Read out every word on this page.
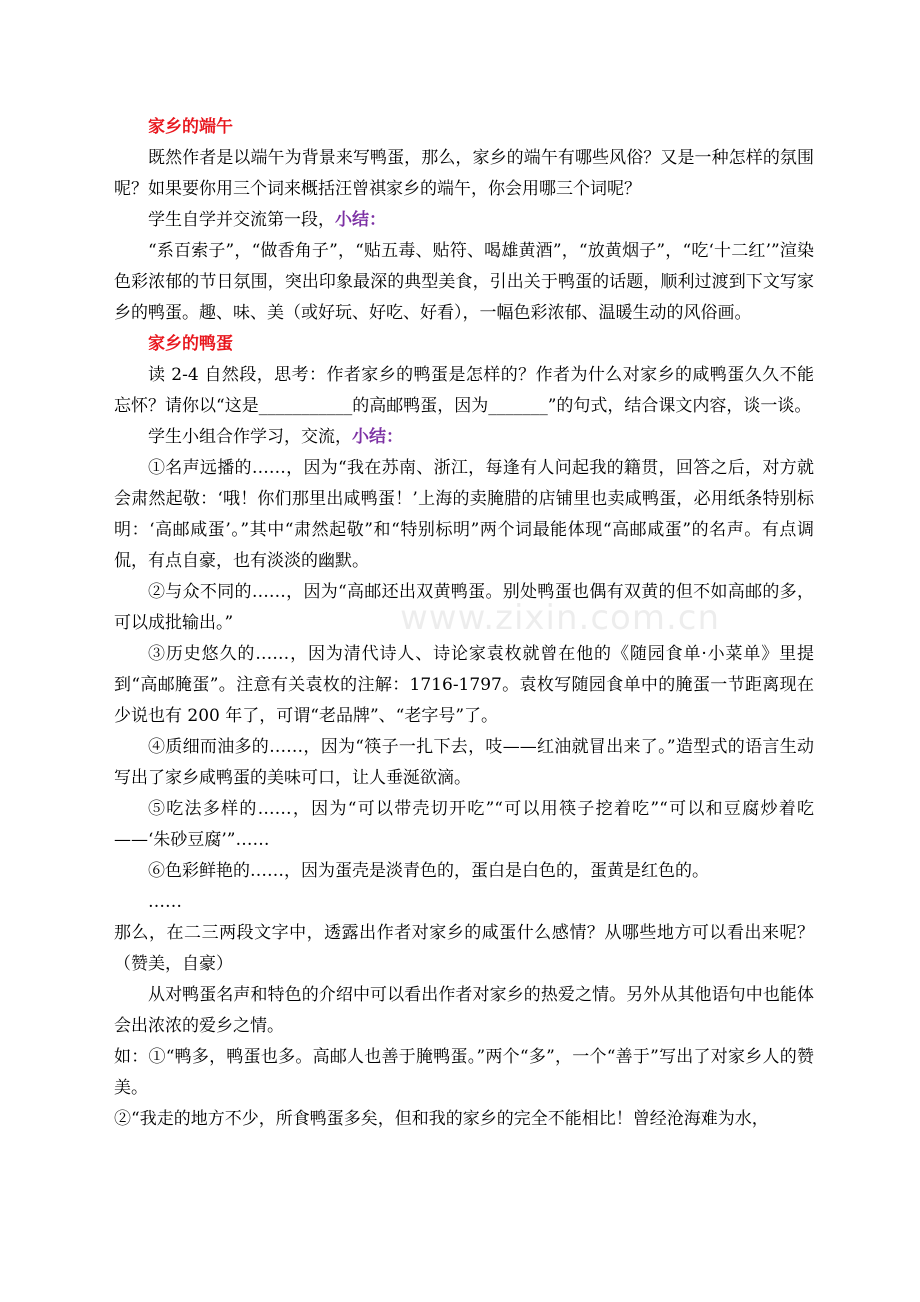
www.zixin.com.cn

家乡的端午

既然作者是以端午为背景来写鸭蛋，那么，家乡的端午有哪些风俗？又是一种怎样的氛围呢？如果要你用三个词来概括汪曾祺家乡的端午，你会用哪三个词呢？

学生自学并交流第一段，小结：

“系百索子”，“做香角子”，“贴五毒、贴符、喝雄黄酒”，“放黄烟子”，“吃‘十二红’”渲染色彩浓郁的节日氛围，突出印象最深的典型美食，引出关于鸭蛋的话题，顺利过渡到下文写家乡的鸭蛋。趣、味、美（或好玩、好吃、好看），一幅色彩浓郁、温暖生动的风俗画。

家乡的鸭蛋

读 2-4 自然段，思考：作者家乡的鸭蛋是怎样的？作者为什么对家乡的咸鸭蛋久久不能忘怀？请你以“这是___________的高邮鸭蛋，因为_______”的句式，结合课文内容，谈一谈。

学生小组合作学习，交流，小结：

①名声远播的……，因为“我在苏南、浙江，每逢有人问起我的籍贯，回答之后，对方就会肃然起敬：‘哦！你们那里出咸鸭蛋！’上海的卖腌腊的店铺里也卖咸鸭蛋，必用纸条特别标明：‘高邮咸蛋’。”其中“肃然起敬”和“特别标明”两个词最能体现“高邮咸蛋”的名声。有点调侃，有点自豪，也有淡淡的幽默。

②与众不同的……，因为“高邮还出双黄鸭蛋。别处鸭蛋也偶有双黄的但不如高邮的多，可以成批输出。”

③历史悠久的……，因为清代诗人、诗论家袁枚就曾在他的《随园食单·小菜单》里提到“高邮腌蛋”。注意有关袁枚的注解：1716-1797。袁枚写随园食单中的腌蛋一节距离现在少说也有 200 年了，可谓“老品牌”、“老字号”了。

④质细而油多的……，因为“筷子一扎下去，吱——红油就冒出来了。”造型式的语言生动写出了家乡咸鸭蛋的美味可口，让人垂涎欲滴。

⑤吃法多样的……，因为“可以带壳切开吃”“可以用筷子挖着吃”“可以和豆腐炒着吃——‘朱砂豆腐’”……

⑥色彩鲜艳的……，因为蛋壳是淡青色的，蛋白是白色的，蛋黄是红色的。

……

那么，在二三两段文字中，透露出作者对家乡的咸蛋什么感情？从哪些地方可以看出来呢？（赞美，自豪）

从对鸭蛋名声和特色的介绍中可以看出作者对家乡的热爱之情。另外从其他语句中也能体会出浓浓的爱乡之情。

如：①“鸭多，鸭蛋也多。高邮人也善于腌鸭蛋。”两个“多”，一个“善于”写出了对家乡人的赞美。

②“我走的地方不少，所食鸭蛋多矣，但和我的家乡的完全不能相比！曾经沧海难为水，
